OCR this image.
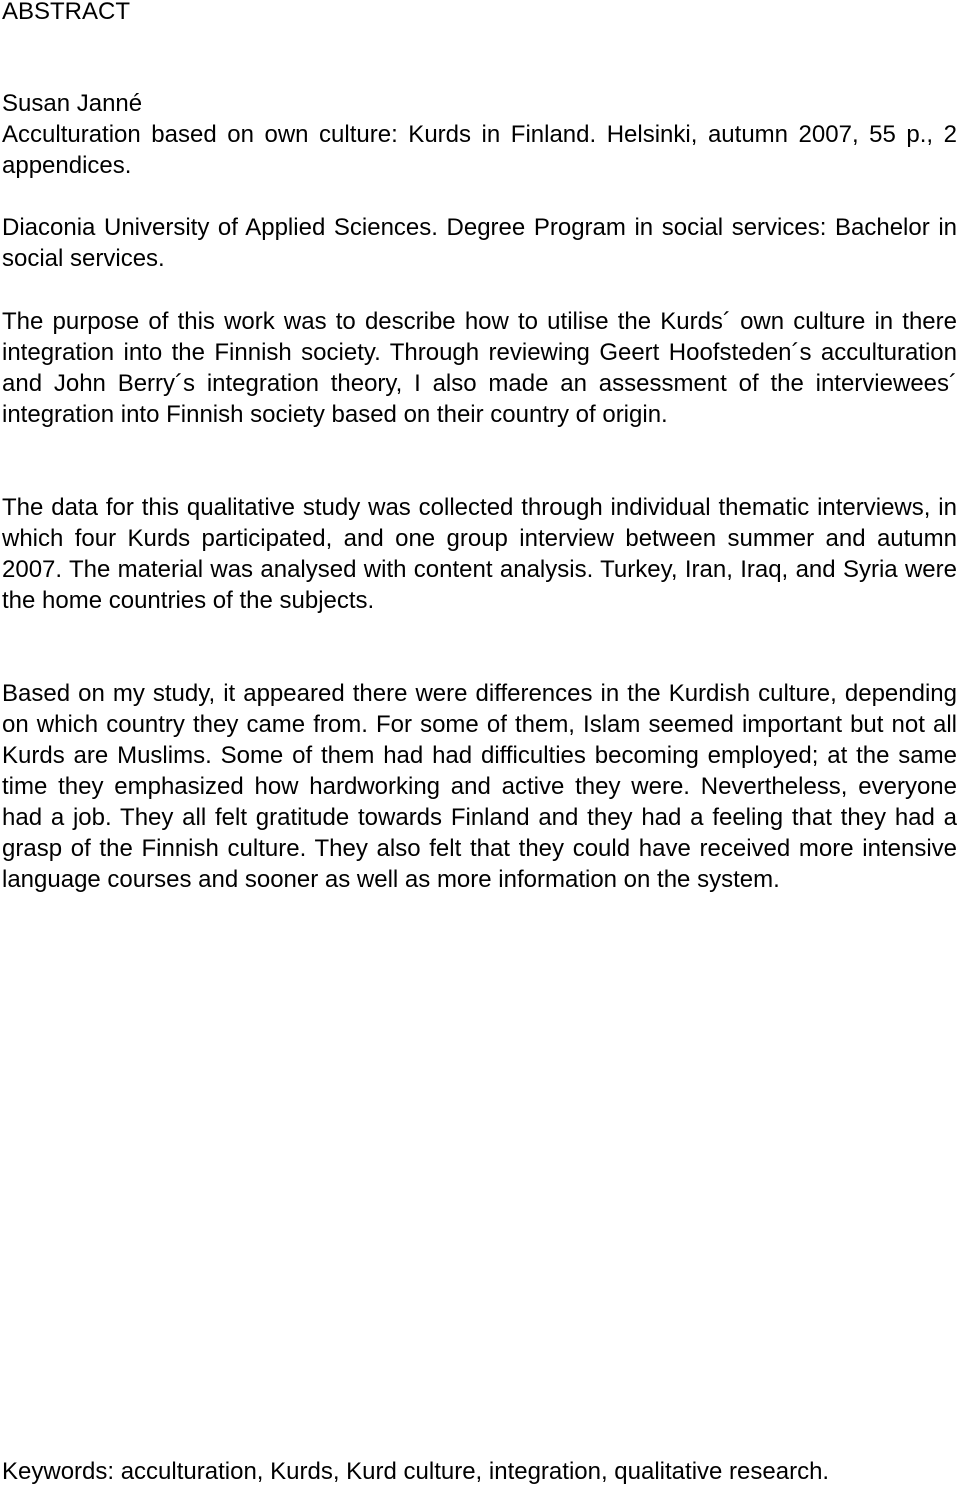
ABSTRACT
Susan Janné
Acculturation based on own culture: Kurds in Finland. Helsinki, autumn 2007, 55 p., 2 appendices.

Diaconia University of Applied Sciences. Degree Program in social services: Bachelor in social services.

The purpose of this work was to describe how to utilise the Kurds´ own culture in there integration into the Finnish society. Through reviewing Geert Hoofsteden´s acculturation and John Berry´s integration theory, I also made an assessment of the interviewees´ integration into Finnish society based on their country of origin.

The data for this qualitative study was collected through individual thematic interviews, in which four Kurds participated, and one group interview between summer and autumn 2007. The material was analysed with content analysis. Turkey, Iran, Iraq, and Syria were the home countries of the subjects.

Based on my study, it appeared there were differences in the Kurdish culture, depending on which country they came from. For some of them, Islam seemed important but not all Kurds are Muslims. Some of them had had difficulties becoming employed; at the same time they emphasized how hardworking and active they were. Nevertheless, everyone had a job. They all felt gratitude towards Finland and they had a feeling that they had a grasp of the Finnish culture. They also felt that they could have received more intensive language courses and sooner as well as more information on the system.

Keywords: acculturation, Kurds, Kurd culture, integration, qualitative research.
